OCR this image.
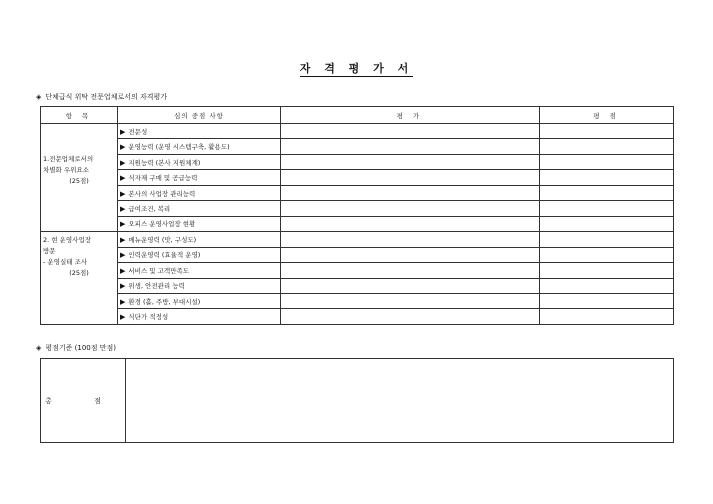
자 격 평 가 서
◈ 단체급식 위탁 전문업체로서의 자격평가
항 목	심의 중점 사항	평 가	평 점

1.전문업체로서의
차별화 우위요소
(25점)	▶ 전문성		
	▶ 운영능력 (운영 시스템구축, 활용도)		
	▶ 지원능력 (본사 지원체계)		
	▶ 식자재 구매 및 공급능력		
	▶ 본사의 사업장 관리능력		
	▶ 급여조건, 복리		
	▶ 오피스 운영사업장 현황		

2. 현 운영사업장
방문
- 운영실태 조사
(25점)	▶ 메뉴운영력 (맛, 구성도)		
	▶ 인력운영력 (효율적 운영)		
	▶ 서비스 및 고객만족도		
	▶ 위생, 안전관리 능력		
	▶ 환경 (홀, 주방, 부대시설)		
	▶ 식단가 적정성		
◈ 평점기준 (100점 만점)
총 점	
